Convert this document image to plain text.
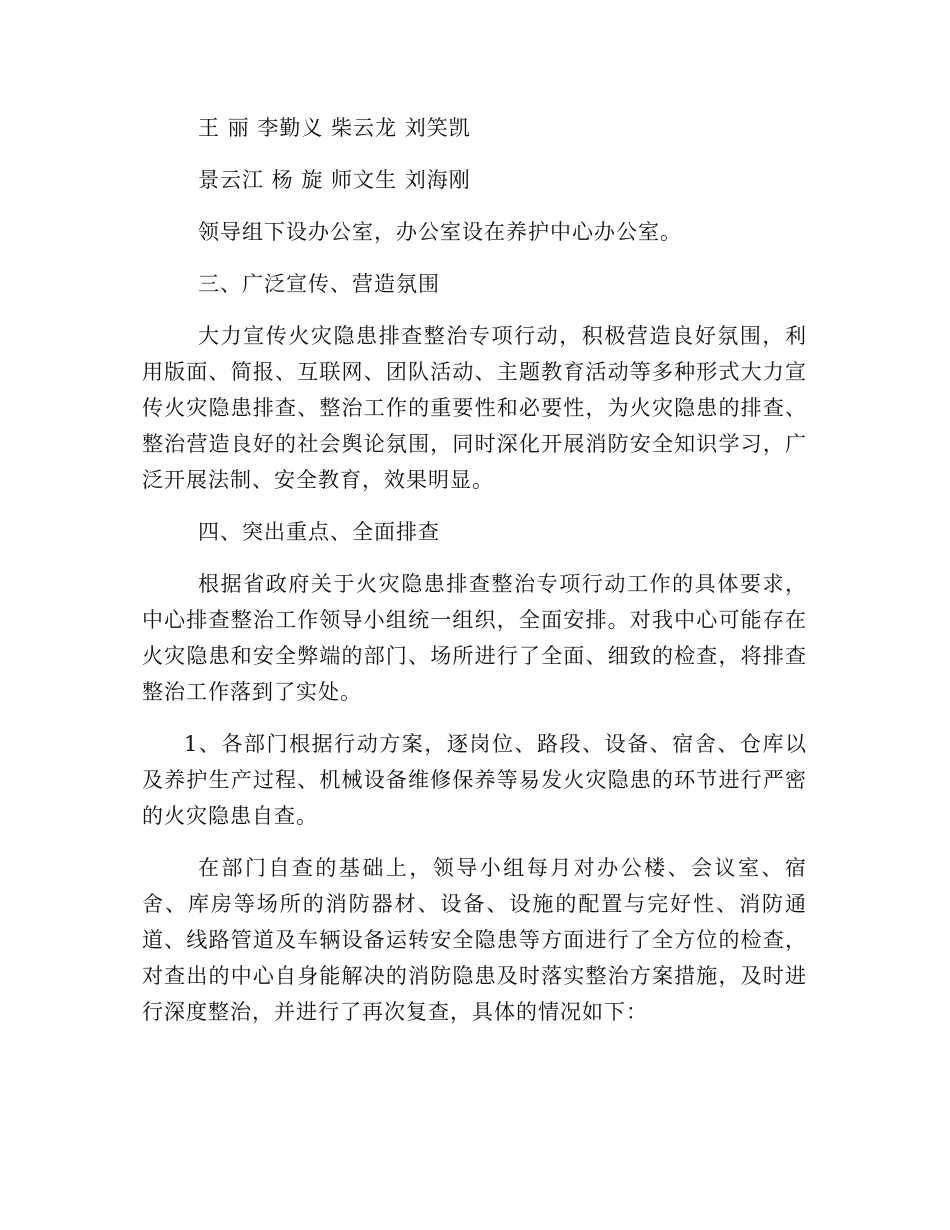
王 丽 李勤义 柴云龙 刘笑凯

景云江 杨 旋 师文生 刘海刚

领导组下设办公室，办公室设在养护中心办公室。

三、广泛宣传、营造氛围

大力宣传火灾隐患排查整治专项行动，积极营造良好氛围，利用版面、简报、互联网、团队活动、主题教育活动等多种形式大力宣传火灾隐患排查、整治工作的重要性和必要性，为火灾隐患的排查、整治营造良好的社会舆论氛围，同时深化开展消防安全知识学习，广泛开展法制、安全教育，效果明显。

四、突出重点、全面排查

根据省政府关于火灾隐患排查整治专项行动工作的具体要求，中心排查整治工作领导小组统一组织，全面安排。对我中心可能存在火灾隐患和安全弊端的部门、场所进行了全面、细致的检查，将排查整治工作落到了实处。

1、各部门根据行动方案，逐岗位、路段、设备、宿舍、仓库以及养护生产过程、机械设备维修保养等易发火灾隐患的环节进行严密的火灾隐患自查。

在部门自查的基础上，领导小组每月对办公楼、会议室、宿舍、库房等场所的消防器材、设备、设施的配置与完好性、消防通道、线路管道及车辆设备运转安全隐患等方面进行了全方位的检查，对查出的中心自身能解决的消防隐患及时落实整治方案措施，及时进行深度整治，并进行了再次复查，具体的情况如下：
